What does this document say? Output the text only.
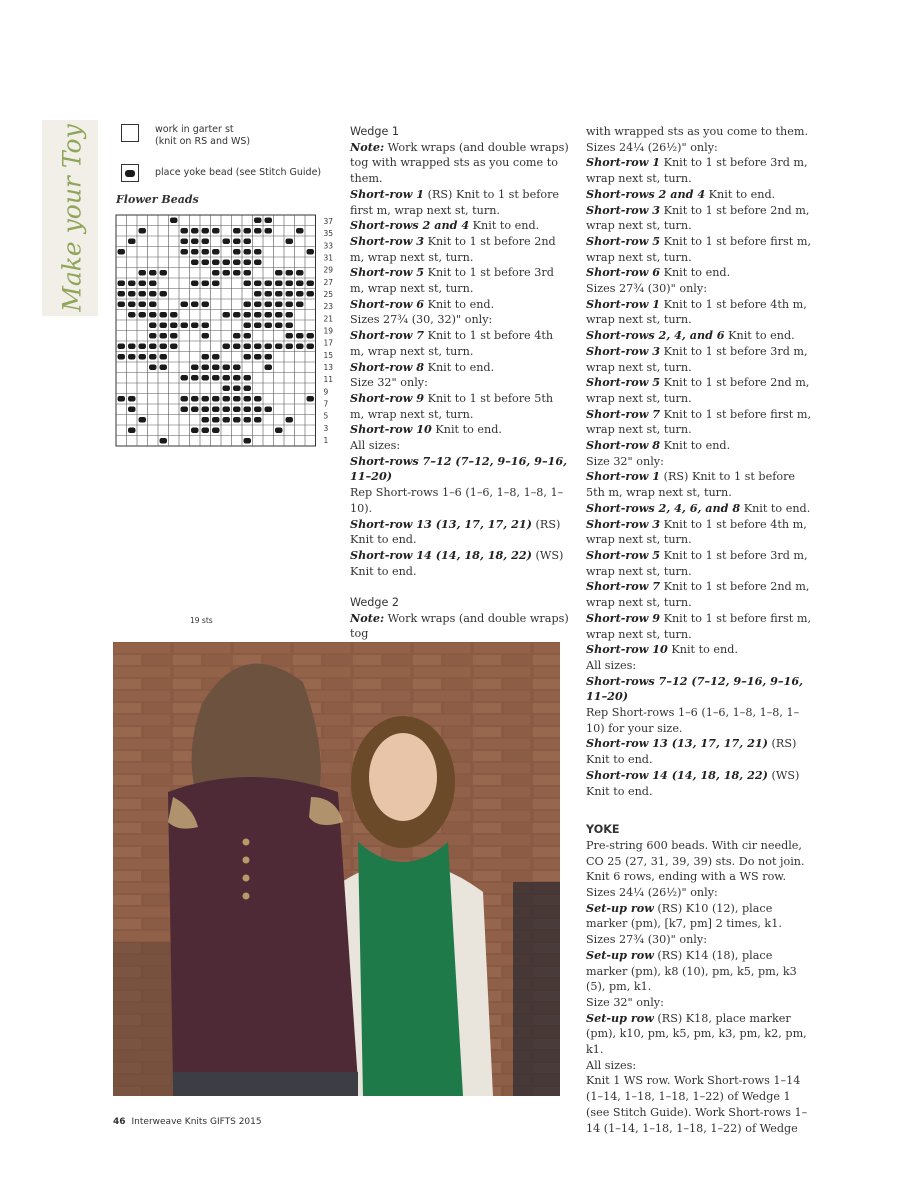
Make your Toy	work in garter st
(knit on RS and WS)
place yoke bead (see Stitch Guide)
Flower Beads
37
35
33
31
29
27
25
23
21
19
17
15
13
11
9
7
5
3
1
19 sts

Wedge 1

Note: Work wraps (and double wraps) tog with wrapped sts as you come to them.

Short-row 1 (RS) Knit to 1 st before first m, wrap next st, turn.

Short-rows 2 and 4 Knit to end.

Short-row 3 Knit to 1 st before 2nd m, wrap next st, turn.

Short-row 5 Knit to 1 st before 3rd m, wrap next st, turn.

Short-row 6 Knit to end.

Sizes 27¾ (30, 32)" only:

Short-row 7 Knit to 1 st before 4th m, wrap next st, turn.

Short-row 8 Knit to end.

Size 32" only:

Short-row 9 Knit to 1 st before 5th m, wrap next st, turn.

Short-row 10 Knit to end.

All sizes:

Short-rows 7–12 (7–12, 9–16, 9–16, 11–20)

Rep Short-rows 1–6 (1–6, 1–8, 1–8, 1–10).

Short-row 13 (13, 17, 17, 21) (RS) Knit to end.

Short-row 14 (14, 18, 18, 22) (WS) Knit to end.

Wedge 2

Note: Work wraps (and double wraps) tog

with wrapped sts as you come to them.

Sizes 24¼ (26½)" only:

Short-row 1 Knit to 1 st before 3rd m, wrap next st, turn.

Short-rows 2 and 4 Knit to end.

Short-row 3 Knit to 1 st before 2nd m, wrap next st, turn.

Short-row 5 Knit to 1 st before first m, wrap next st, turn.

Short-row 6 Knit to end.

Sizes 27¾ (30)" only:

Short-row 1 Knit to 1 st before 4th m, wrap next st, turn.

Short-rows 2, 4, and 6 Knit to end.

Short-row 3 Knit to 1 st before 3rd m, wrap next st, turn.

Short-row 5 Knit to 1 st before 2nd m, wrap next st, turn.

Short-row 7 Knit to 1 st before first m, wrap next st, turn.

Short-row 8 Knit to end.

Size 32" only:

Short-row 1 (RS) Knit to 1 st before 5th m, wrap next st, turn.

Short-rows 2, 4, 6, and 8 Knit to end.

Short-row 3 Knit to 1 st before 4th m, wrap next st, turn.

Short-row 5 Knit to 1 st before 3rd m, wrap next st, turn.

Short-row 7 Knit to 1 st before 2nd m, wrap next st, turn.

Short-row 9 Knit to 1 st before first m, wrap next st, turn.

Short-row 10 Knit to end.

All sizes:

Short-rows 7–12 (7–12, 9–16, 9–16, 11–20)

Rep Short-rows 1–6 (1–6, 1–8, 1–8, 1–10) for your size.

Short-row 13 (13, 17, 17, 21) (RS) Knit to end.

Short-row 14 (14, 18, 18, 22) (WS) Knit to end.

YOKE

Pre-string 600 beads. With cir needle, CO 25 (27, 31, 39, 39) sts. Do not join. Knit 6 rows, ending with a WS row.

Sizes 24¼ (26½)" only:

Set-up row (RS) K10 (12), place marker (pm), [k7, pm] 2 times, k1.

Sizes 27¾ (30)" only:

Set-up row (RS) K14 (18), place marker (pm), k8 (10), pm, k5, pm, k3 (5), pm, k1.

Size 32" only:

Set-up row (RS) K18, place marker (pm), k10, pm, k5, pm, k3, pm, k2, pm, k1.

All sizes:

Knit 1 WS row. Work Short-rows 1–14 (1–14, 1–18, 1–18, 1–22) of Wedge 1 (see Stitch Guide). Work Short-rows 1–14 (1–14, 1–18, 1–18, 1–22) of Wedge

46 Interweave Knits GIFTS 2015
